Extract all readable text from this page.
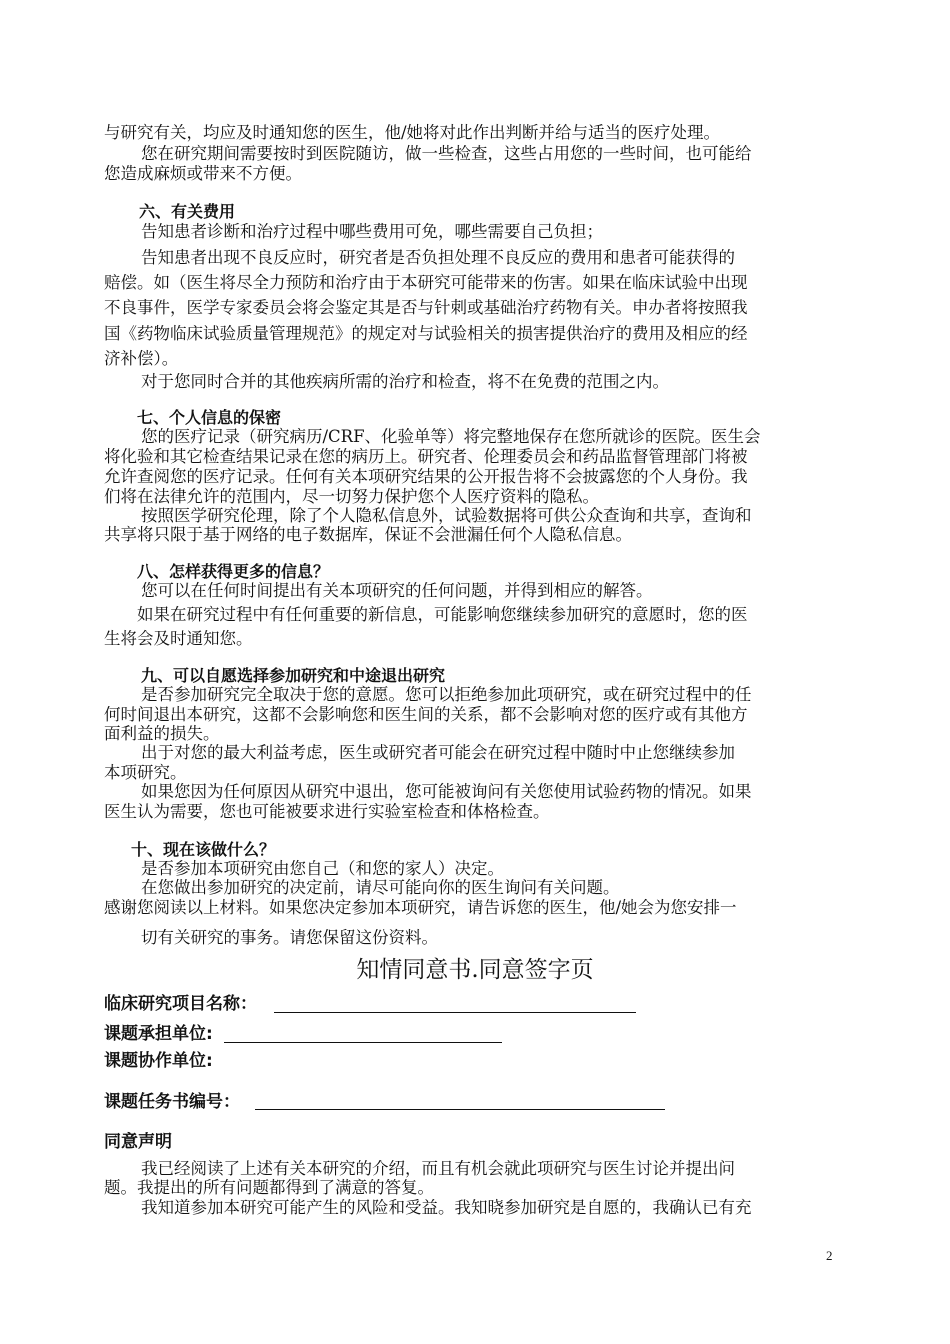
与研究有关，均应及时通知您的医生，他/她将对此作出判断并给与适当的医疗处理。
您在研究期间需要按时到医院随访，做一些检查，这些占用您的一些时间，也可能给
您造成麻烦或带来不方便。
六、有关费用
告知患者诊断和治疗过程中哪些费用可免，哪些需要自己负担；
告知患者出现不良反应时，研究者是否负担处理不良反应的费用和患者可能获得的
赔偿。如（医生将尽全力预防和治疗由于本研究可能带来的伤害。如果在临床试验中出现
不良事件，医学专家委员会将会鉴定其是否与针刺或基础治疗药物有关。申办者将按照我
国《药物临床试验质量管理规范》的规定对与试验相关的损害提供治疗的费用及相应的经
济补偿）。
对于您同时合并的其他疾病所需的治疗和检查，将不在免费的范围之内。
七、个人信息的保密
您的医疗记录（研究病历/CRF、化验单等）将完整地保存在您所就诊的医院。医生会
将化验和其它检查结果记录在您的病历上。研究者、伦理委员会和药品监督管理部门将被
允许查阅您的医疗记录。任何有关本项研究结果的公开报告将不会披露您的个人身份。我
们将在法律允许的范围内，尽一切努力保护您个人医疗资料的隐私。
按照医学研究伦理，除了个人隐私信息外，试验数据将可供公众查询和共享，查询和
共享将只限于基于网络的电子数据库，保证不会泄漏任何个人隐私信息。
八、怎样获得更多的信息？
您可以在任何时间提出有关本项研究的任何问题，并得到相应的解答。
如果在研究过程中有任何重要的新信息，可能影响您继续参加研究的意愿时，您的医
生将会及时通知您。
九、可以自愿选择参加研究和中途退出研究
是否参加研究完全取决于您的意愿。您可以拒绝参加此项研究，或在研究过程中的任
何时间退出本研究，这都不会影响您和医生间的关系，都不会影响对您的医疗或有其他方
面利益的损失。
出于对您的最大利益考虑，医生或研究者可能会在研究过程中随时中止您继续参加
本项研究。
如果您因为任何原因从研究中退出，您可能被询问有关您使用试验药物的情况。如果
医生认为需要，您也可能被要求进行实验室检查和体格检查。
十、现在该做什么？
是否参加本项研究由您自己（和您的家人）决定。
在您做出参加研究的决定前，请尽可能向你的医生询问有关问题。
感谢您阅读以上材料。如果您决定参加本项研究，请告诉您的医生，他/她会为您安排一
切有关研究的事务。请您保留这份资料。
知情同意书.同意签字页
临床研究项目名称：
课题承担单位:
课题协作单位:
课题任务书编号：
同意声明
我已经阅读了上述有关本研究的介绍，而且有机会就此项研究与医生讨论并提出问
题。我提出的所有问题都得到了满意的答复。
我知道参加本研究可能产生的风险和受益。我知晓参加研究是自愿的，我确认已有充
2
